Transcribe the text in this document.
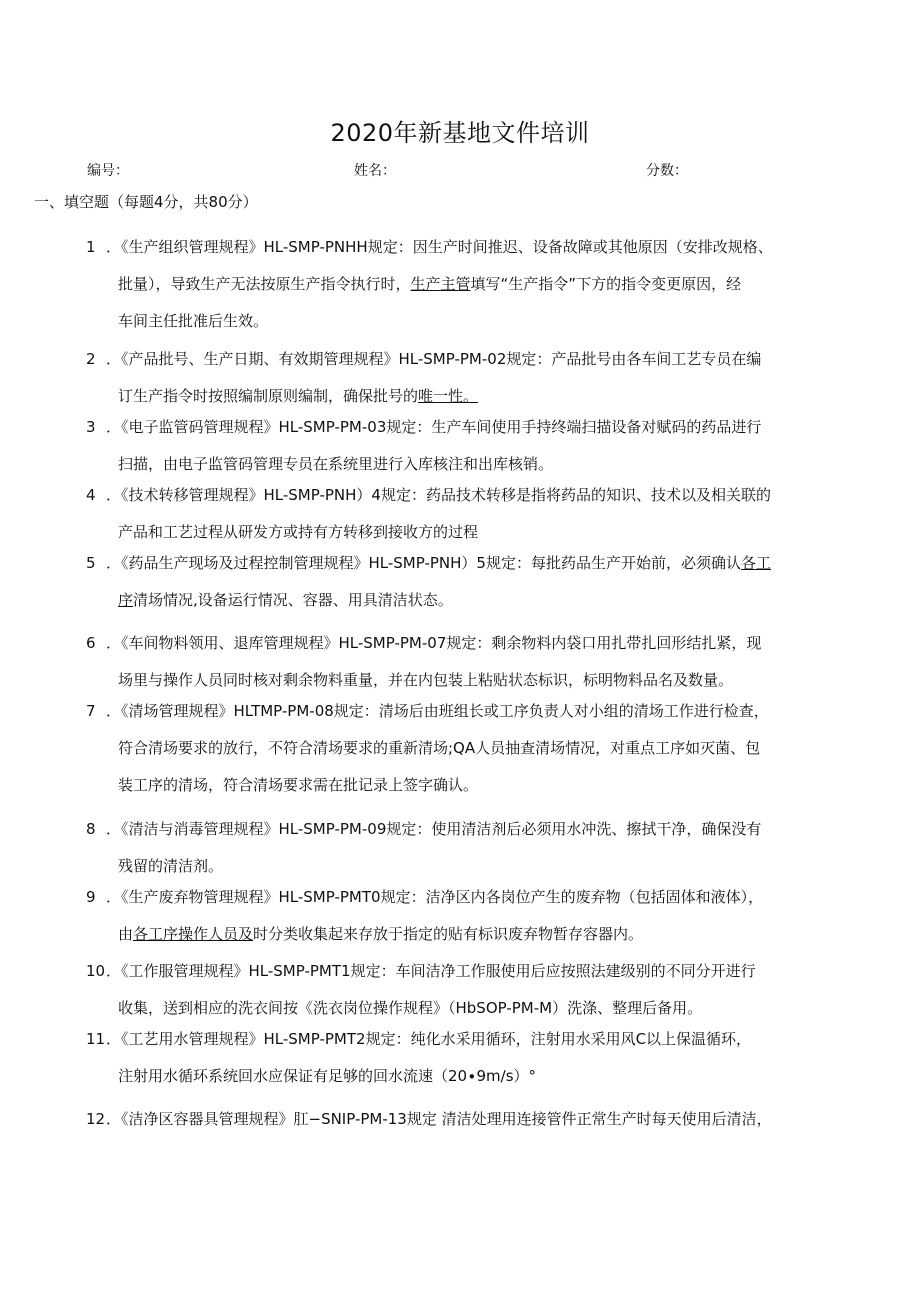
2020年新基地文件培训
编号：	姓名：	分数：
一、填空题（每题4分，共80分）
1．《生产组织管理规程》HL-SMP-PNHH规定：因生产时间推迟、设备故障或其他原因（安排改规格、
批量），导致生产无法按原生产指令执行时，生产主管填写“生产指令”下方的指令变更原因，经
车间主任批准后生效。
2．《产品批号、生产日期、有效期管理规程》HL-SMP-PM-02规定：产品批号由各车间工艺专员在编
订生产指令时按照编制原则编制，确保批号的唯一性。
3．《电子监管码管理规程》HL-SMP-PM-03规定：生产车间使用手持终端扫描设备对赋码的药品进行
扫描，由电子监管码管理专员在系统里进行入库核注和出库核销。
4．《技术转移管理规程》HL-SMP-PNH）4规定：药品技术转移是指将药品的知识、技术以及相关联的
产品和工艺过程从研发方或持有方转移到接收方的过程
5．《药品生产现场及过程控制管理规程》HL-SMP-PNH）5规定：每批药品生产开始前，必须确认各工
序清场情况,设备运行情况、容器、用具清洁状态。
6．《车间物料领用、退库管理规程》HL-SMP-PM-07规定：剩余物料内袋口用扎带扎回形结扎紧，现
场里与操作人员同时核对剩余物料重量，并在内包装上粘贴状态标识，标明物料品名及数量。
7．《清场管理规程》HLTMP-PM-08规定：清场后由班组长或工序负责人对小组的清场工作进行检查，
符合清场要求的放行，不符合清场要求的重新清场;QA人员抽查清场情况，对重点工序如灭菌、包
装工序的清场，符合清场要求需在批记录上签字确认。
8．《清洁与消毒管理规程》HL-SMP-PM-09规定：使用清洁剂后必须用水冲洗、擦拭干净，确保没有
残留的清洁剂。
9．《生产废弃物管理规程》HL-SMP-PMT0规定：洁净区内各岗位产生的废弃物（包括固体和液体），
由各工序操作人员及时分类收集起来存放于指定的贴有标识废弃物暂存容器内。
10．《工作服管理规程》HL-SMP-PMT1规定：车间洁净工作服使用后应按照法建级别的不同分开进行
收集，送到相应的洗衣间按《洗衣岗位操作规程》（HbSOP-PM-M）洗涤、整理后备用。
11．《工艺用水管理规程》HL-SMP-PMT2规定：纯化水采用循环，注射用水采用风C以上保温循环，
注射用水循环系统回水应保证有足够的回水流速（20∙9m∕s）°
12．《洁净区容器具管理规程》肛−SNIP-PM-13规定 清洁处理用连接管件正常生产时每天使用后清洁，
